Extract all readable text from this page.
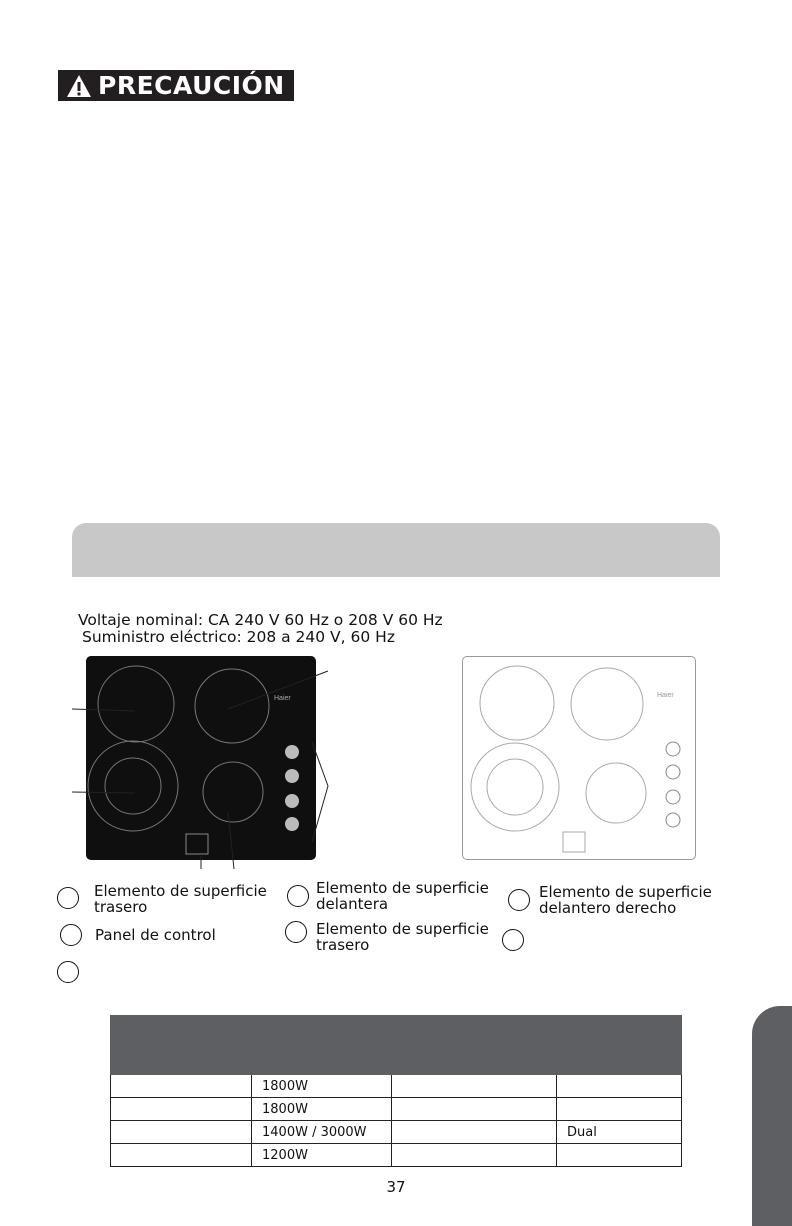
PRECAUCIÓN
Voltaje nominal: CA 240 V 60 Hz o 208 V 60 Hz
Suministro eléctrico: 208 a 240 V, 60 Hz
Haier	Haier
Elemento de superficie
trasero
Elemento de superficie
delantera
Elemento de superficie
delantero derecho
Panel de control	Elemento de superficie
trasero

	1800W		
	1800W		
	1400W / 3000W		Dual
	1200W		
37
